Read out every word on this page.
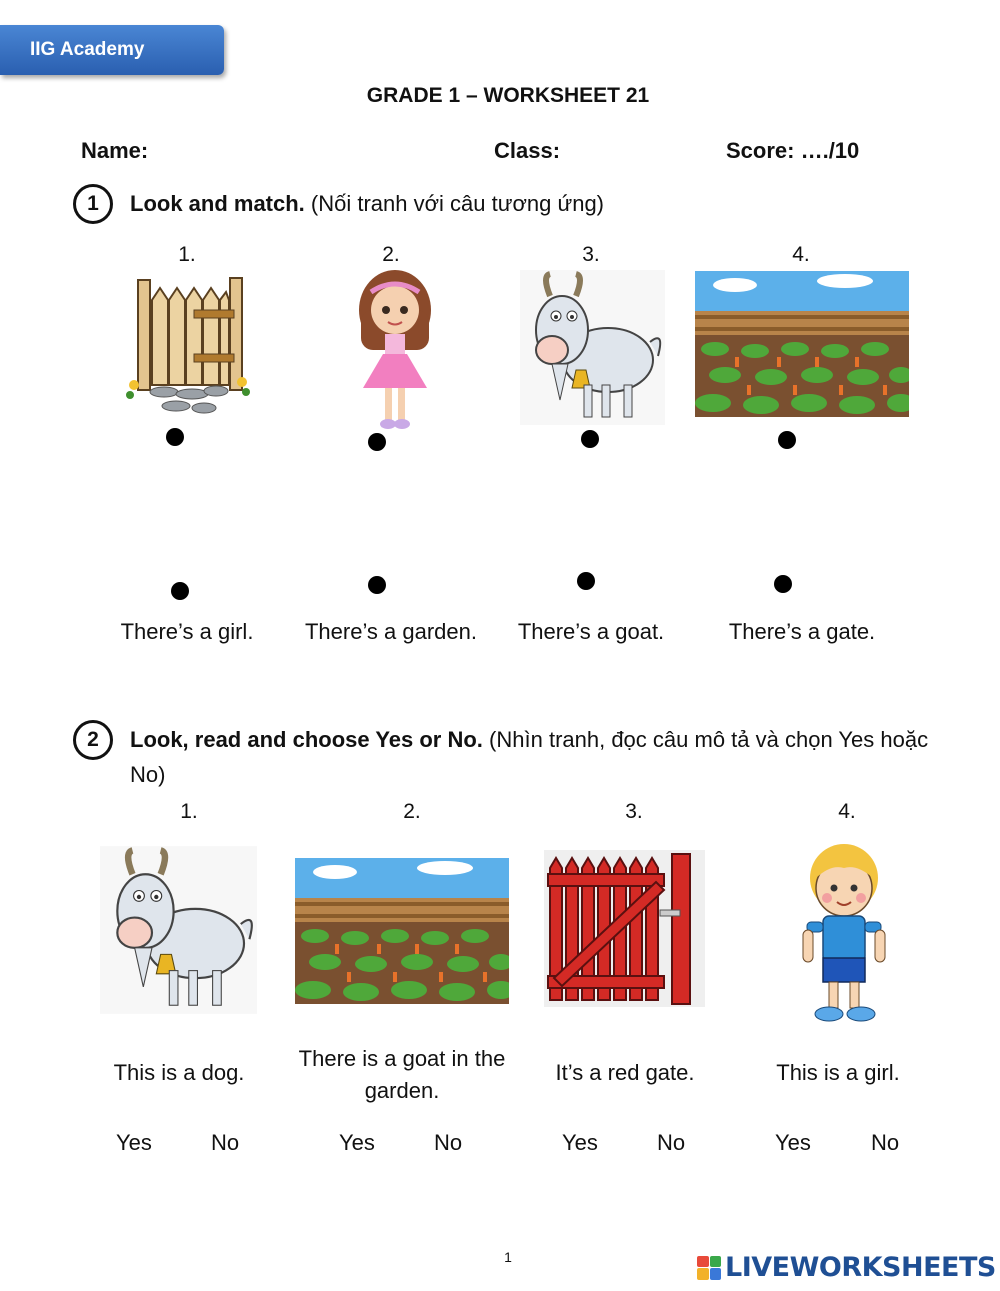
IIG Academy
GRADE 1 – WORKSHEET 21
Name:	Class:	Score: …./10
1	Look and match. (Nối tranh với câu tương ứng)
1.	2.	3.	4.
There’s a girl.	There’s a garden.	There’s a goat.	There’s a gate.
2	Look, read and choose Yes or No. (Nhìn tranh, đọc câu mô tả và chọn Yes hoặc No)
1.	2.	3.	4.
This is a dog.
There is a goat in the garden.
It’s a red gate.	This is a girl.
Yes	No	Yes	No	Yes	No	Yes	No
1	LIVEWORKSHEETS
